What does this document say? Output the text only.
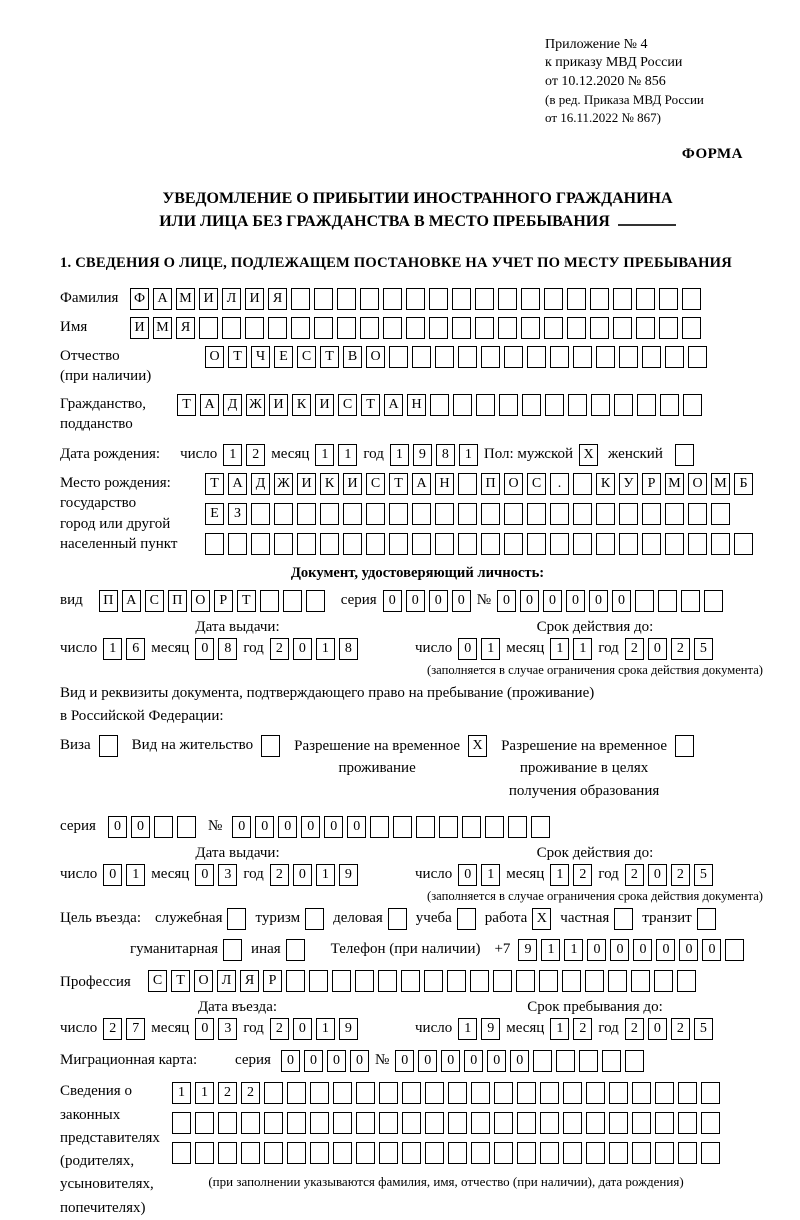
Приложение № 4
к приказу МВД России
от 10.12.2020 № 856
(в ред. Приказа МВД России
от 16.11.2022 № 867)
ФОРМА
УВЕДОМЛЕНИЕ О ПРИБЫТИИ ИНОСТРАННОГО ГРАЖДАНИНА
ИЛИ ЛИЦА БЕЗ ГРАЖДАНСТВА В МЕСТО ПРЕБЫВАНИЯ
1. СВЕДЕНИЯ О ЛИЦЕ, ПОДЛЕЖАЩЕМ ПОСТАНОВКЕ НА УЧЕТ ПО МЕСТУ ПРЕБЫВАНИЯ
Фамилия	Ф А М И Л И Я
Имя	И М Я
Отчество
(при наличии)
О Т	Ч	Е	С	Т	В О
Гражданство,
подданство
Т А Д Ж И К И С	Т А Н
Дата рождения: число 1	2 месяц 1	1 год 1	9	8	1 Пол: мужской X женский
Место рождения:
государство
город или другой
населенный пункт
Т А Д Ж И К И С	Т А Н	П О С	.	К У	Р М О М Б
Е	З
Документ, удостоверяющий личность:
вид	П А С П О	Р	Т	серия 0	0	0	0 № 0	0	0	0	0	0
Дата выдачи:
число 1	6 месяц 0	8 год 2	0	1	8
Срок действия до:
число 0	1 месяц 1	1 год 2	0	2	5
(заполняется в случае ограничения срока действия документа)
Вид и реквизиты документа, подтверждающего право на пребывание (проживание)
в Российской Федерации:
Виза	Вид на жительство	Разрешение на временное
проживание
X Разрешение на временное
проживание в целях
получения образования
серия	0	0	№	0	0	0	0	0	0
Дата выдачи:
число 0	1 месяц 0	3 год 2	0	1	9
Срок действия до:
число 0	1 месяц 1	2 год 2	0	2	5
(заполняется в случае ограничения срока действия документа)
Цель въезда: служебная туризм деловая учеба работа X частная транзит
гуманитарная иная	Телефон (при наличии) +7	9	1	1	0	0	0	0	0	0
Профессия	С	Т О Л Я	Р
Дата въезда:
число 2	7 месяц 0	3 год 2	0	1	9
Срок пребывания до:
число 1	9 месяц 1	2 год 2	0	2	5
Миграционная карта:	серия	0	0	0	0 № 0	0	0	0	0	0
Сведения о
законных
представителях
(родителях,
усыновителях,
попечителях)
1	1	2	2
(при заполнении указываются фамилия, имя, отчество (при наличии), дата рождения)
